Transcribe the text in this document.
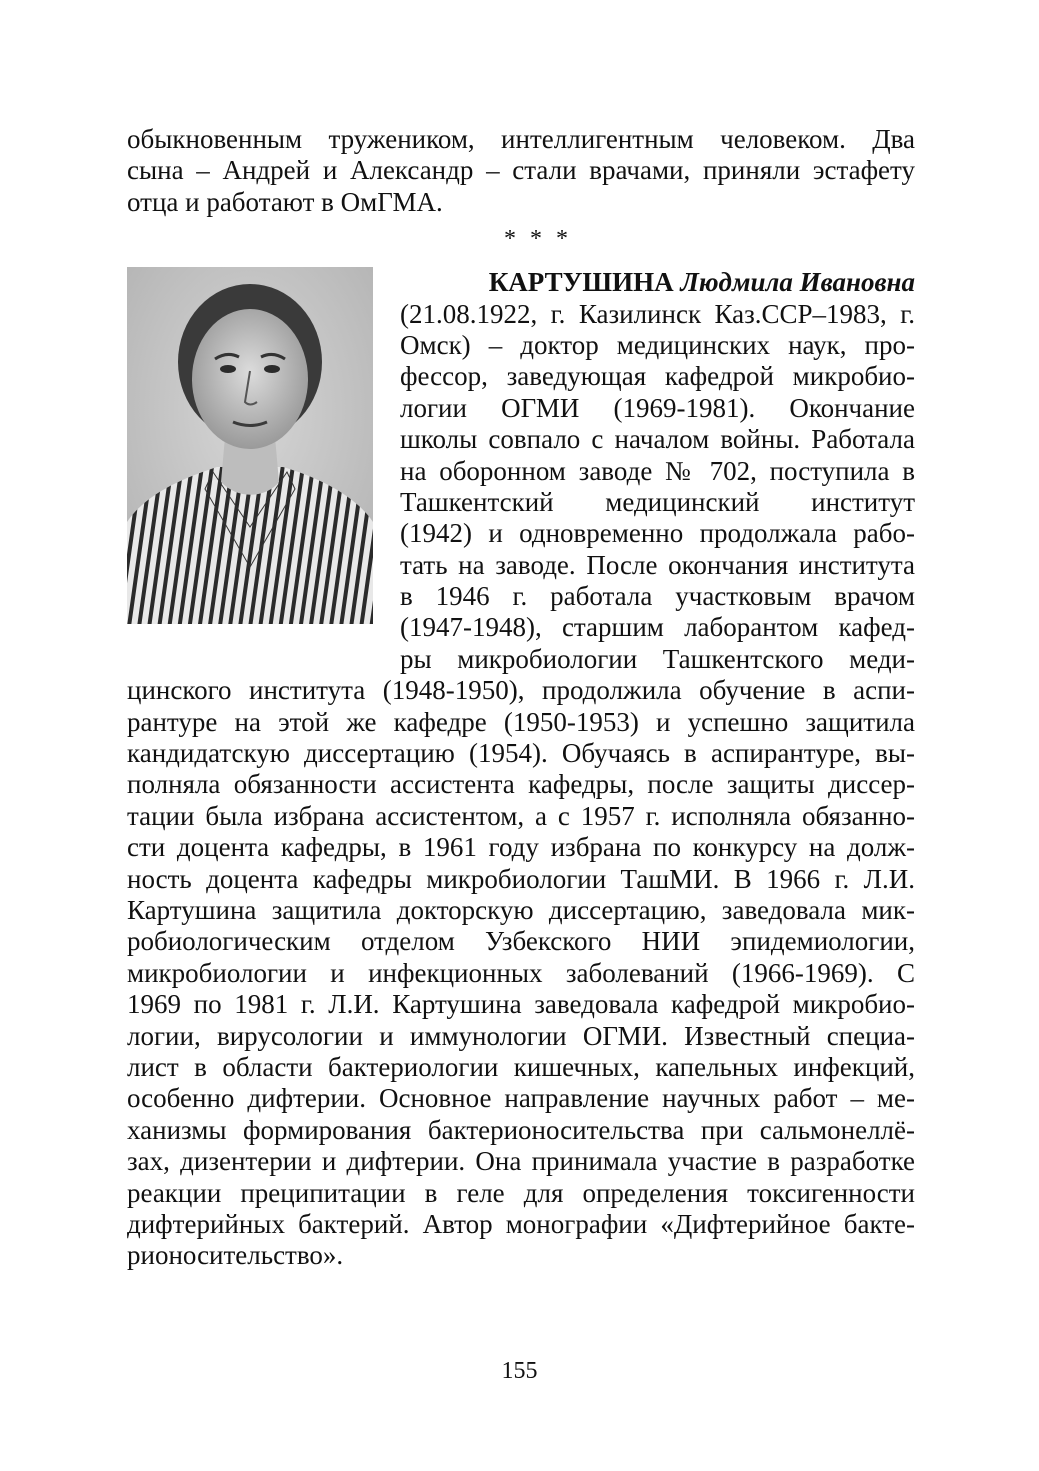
обыкновенным тружеником, интеллигентным человеком. Два
сына – Андрей и Александр – стали врачами, приняли эстафету
отца и работают в ОмГМА.
* * *
КАРТУШИНА Людмила Ивановна
(21.08.1922, г. Казилинск Каз.ССР–1983, г.
Омск) – доктор медицинских наук, про-
фессор, заведующая кафедрой микробио-
логии ОГМИ (1969-1981). Окончание
школы совпало с началом войны. Работала
на оборонном заводе № 702, поступила в
Ташкентский медицинский институт
(1942) и одновременно продолжала рабо-
тать на заводе. После окончания института
в 1946 г. работала участковым врачом
(1947-1948), старшим лаборантом кафед-
ры микробиологии Ташкентского меди-
цинского института (1948-1950), продолжила обучение в аспи-
рантуре на этой же кафедре (1950-1953) и успешно защитила
кандидатскую диссертацию (1954). Обучаясь в аспирантуре, вы-
полняла обязанности ассистента кафедры, после защиты диссер-
тации была избрана ассистентом, а с 1957 г. исполняла обязанно-
сти доцента кафедры, в 1961 году избрана по конкурсу на долж-
ность доцента кафедры микробиологии ТашМИ. В 1966 г. Л.И.
Картушина защитила докторскую диссертацию, заведовала мик-
робиологическим отделом Узбекского НИИ эпидемиологии,
микробиологии и инфекционных заболеваний (1966-1969). С
1969 по 1981 г. Л.И. Картушина заведовала кафедрой микробио-
логии, вирусологии и иммунологии ОГМИ. Известный специа-
лист в области бактериологии кишечных, капельных инфекций,
особенно дифтерии. Основное направление научных работ – ме-
ханизмы формирования бактерионосительства при сальмонеллё-
зах, дизентерии и дифтерии. Она принимала участие в разработке
реакции преципитации в геле для определения токсигенности
дифтерийных бактерий. Автор монографии «Дифтерийное бакте-
рионосительство».
155
